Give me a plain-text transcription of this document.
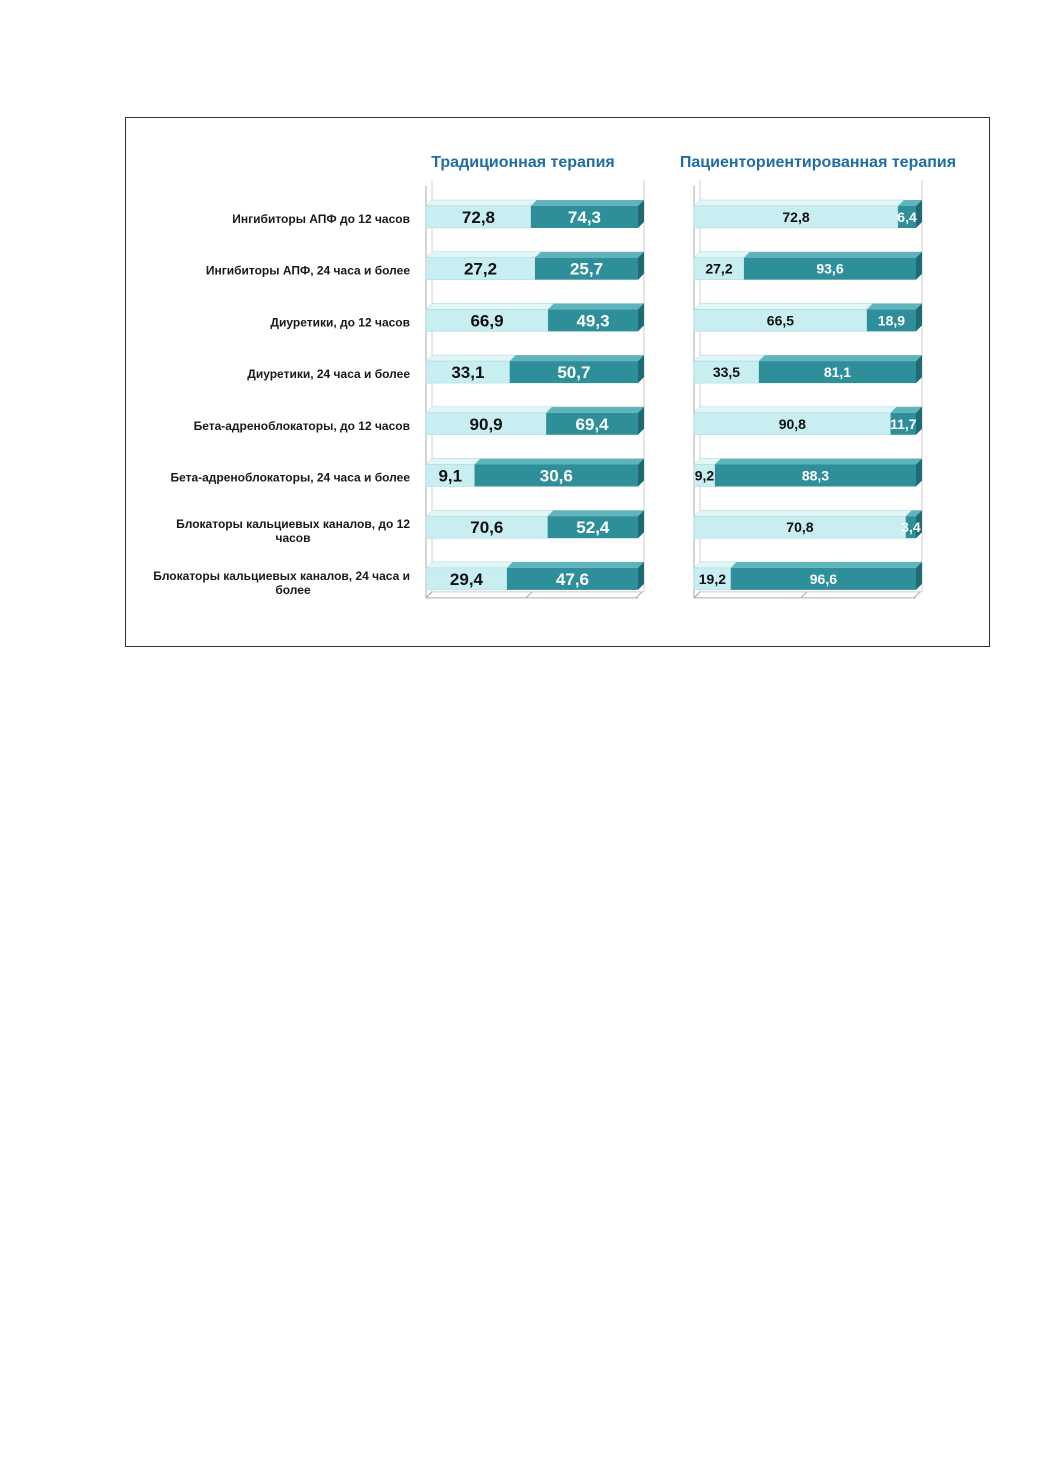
Ингибиторы АПФ до 12 часов
Ингибиторы АПФ, 24 часа и более
Диуретики, до 12 часов
Диуретики, 24 часа и более
Бета-адреноблокаторы, до 12 часов
Бета-адреноблокаторы, 24 часа и более
Блокаторы кальциевых каналов, до 12
часов
Блокаторы кальциевых каналов, 24 часа и
более
Традиционная терапия
72,8	74,3
27,2	25,7
66,9	49,3
33,1	50,7
90,9	69,4
9,1	30,6
70,6	52,4
29,4	47,6
Пациенториентированная терапия
72,8	6,4
27,2	93,6
66,5	18,9
33,5	81,1
90,8	11,7
9,2	88,3
70,8	3,4
19,2	96,6
